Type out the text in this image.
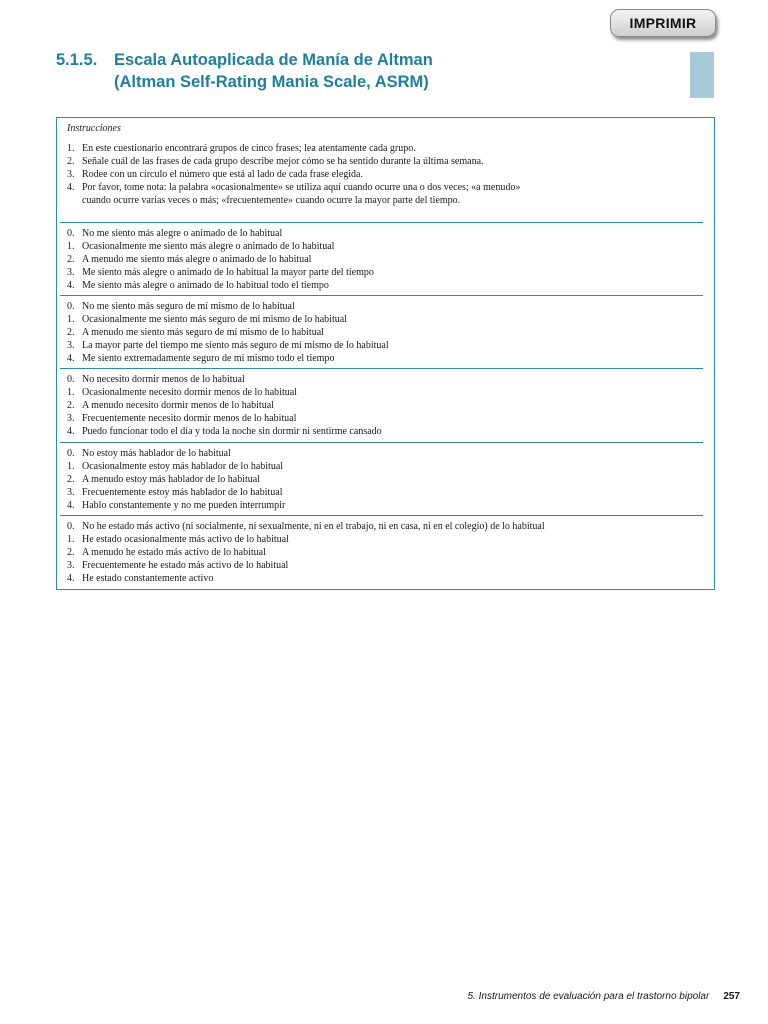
IMPRIMIR
5.1.5. Escala Autoaplicada de Manía de Altman
(Altman Self-Rating Mania Scale, ASRM)
Instrucciones
1. En este cuestionario encontrará grupos de cinco frases; lea atentamente cada grupo.
2. Señale cuál de las frases de cada grupo describe mejor cómo se ha sentido durante la última semana.
3. Rodee con un círculo el número que está al lado de cada frase elegida.
4. Por favor, tome nota: la palabra «ocasionalmente» se utiliza aquí cuando ocurre una o dos veces; «a menudo»
cuando ocurre varias veces o más; «frecuentemente» cuando ocurre la mayor parte del tiempo.
0. No me siento más alegre o animado de lo habitual
1. Ocasionalmente me siento más alegre o animado de lo habitual
2. A menudo me siento más alegre o animado de lo habitual
3. Me siento más alegre o animado de lo habitual la mayor parte del tiempo
4. Me siento más alegre o animado de lo habitual todo el tiempo
0. No me siento más seguro de mí mismo de lo habitual
1. Ocasionalmente me siento más seguro de mí mismo de lo habitual
2. A menudo me siento más seguro de mí mismo de lo habitual
3. La mayor parte del tiempo me siento más seguro de mí mismo de lo habitual
4. Me siento extremadamente seguro de mí mismo todo el tiempo
0. No necesito dormir menos de lo habitual
1. Ocasionalmente necesito dormir menos de lo habitual
2. A menudo necesito dormir menos de lo habitual
3. Frecuentemente necesito dormir menos de lo habitual
4. Puedo funcionar todo el día y toda la noche sin dormir ni sentirme cansado
0. No estoy más hablador de lo habitual
1. Ocasionalmente estoy más hablador de lo habitual
2. A menudo estoy más hablador de lo habitual
3. Frecuentemente estoy más hablador de lo habitual
4. Hablo constantemente y no me pueden interrumpir
0. No he estado más activo (ni socialmente, ni sexualmente, ni en el trabajo, ni en casa, ni en el colegio) de lo habitual
1. He estado ocasionalmente más activo de lo habitual
2. A menudo he estado más activo de lo habitual
3. Frecuentemente he estado más activo de lo habitual
4. He estado constantemente activo
5. Instrumentos de evaluación para el trastorno bipolar 257
